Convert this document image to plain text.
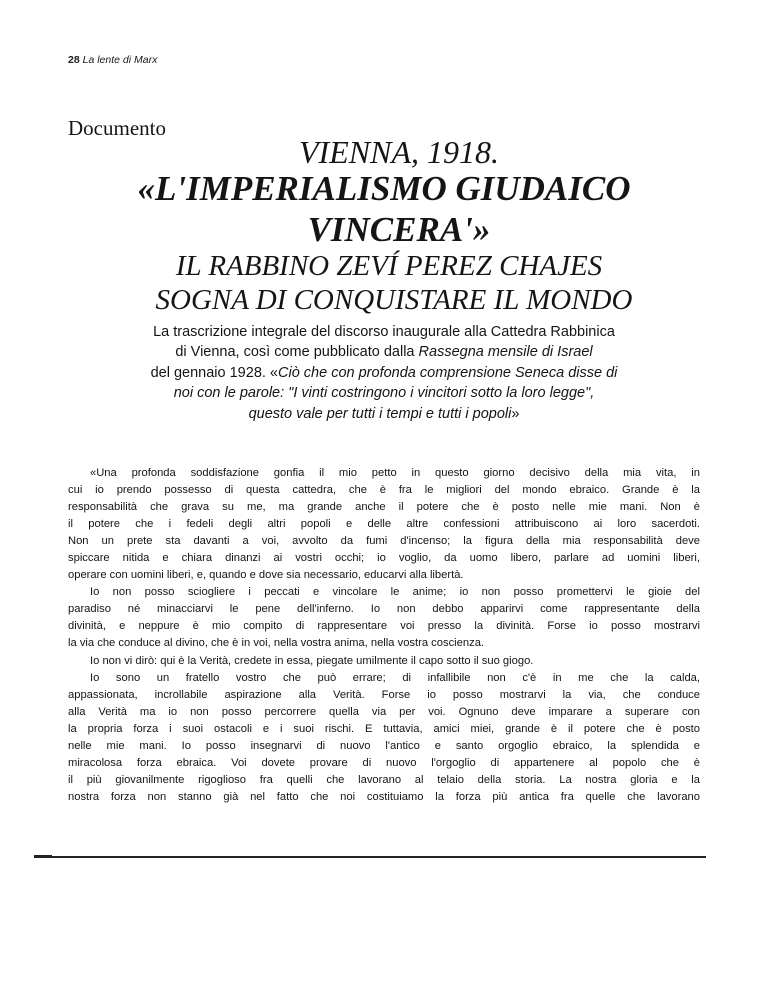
28 La lente di Marx
Documento
VIENNA, 1918.
«L'IMPERIALISMO GIUDAICO
VINCERA'»
IL RABBINO ZEVÍ PEREZ CHAJES
SOGNA DI CONQUISTARE IL MONDO
La trascrizione integrale del discorso inaugurale alla Cattedra Rabbinica
di Vienna, così come pubblicato dalla Rassegna mensile di Israel
del gennaio 1928. «Ciò che con profonda comprensione Seneca disse di
noi con le parole: "I vinti costringono i vincitori sotto la loro legge",
questo vale per tutti i tempi e tutti i popoli»
«Una profonda soddisfazione gonfia il mio petto in questo giorno decisivo della mia vita, in
cui io prendo possesso di questa cattedra, che è fra le migliori del mondo ebraico. Grande è la
responsabilità che grava su me, ma grande anche il potere che è posto nelle mie mani. Non è
il potere che i fedeli degli altri popoli e delle altre confessioni attribuiscono ai loro sacerdoti.
Non un prete sta davanti a voi, avvolto da fumi d'incenso; la figura della mia responsabilità deve
spiccare nitida e chiara dinanzi ai vostri occhi; io voglio, da uomo libero, parlare ad uomini liberi,
operare con uomini liberi, e, quando e dove sia necessario, educarvi alla libertà.
Io non posso sciogliere i peccati e vincolare le anime; io non posso promettervi le gioie del
paradiso né minacciarvi le pene dell'inferno. Io non debbo apparirvi come rappresentante della
divinità, e neppure è mio compito di rappresentare voi presso la divinità. Forse io posso mostrarvi
la via che conduce al divino, che è in voi, nella vostra anima, nella vostra coscienza.
Io non vi dirò: qui è la Verità, credete in essa, piegate umilmente il capo sotto il suo giogo.
Io sono un fratello vostro che può errare; di infallibile non c'è in me che la calda,
appassionata, incrollabile aspirazione alla Verità. Forse io posso mostrarvi la via, che conduce
alla Verità ma io non posso percorrere quella via per voi. Ognuno deve imparare a superare con
la propria forza i suoi ostacoli e i suoi rischi. E tuttavia, amici miei, grande è il potere che è posto
nelle mie mani. Io posso insegnarvi di nuovo l'antico e santo orgoglio ebraico, la splendida e
miracolosa forza ebraica. Voi dovete provare di nuovo l'orgoglio di appartenere al popolo che è
il più giovanilmente rigoglioso fra quelli che lavorano al telaio della storia. La nostra gloria e la
nostra forza non stanno già nel fatto che noi costituiamo la forza più antica fra quelle che lavorano
